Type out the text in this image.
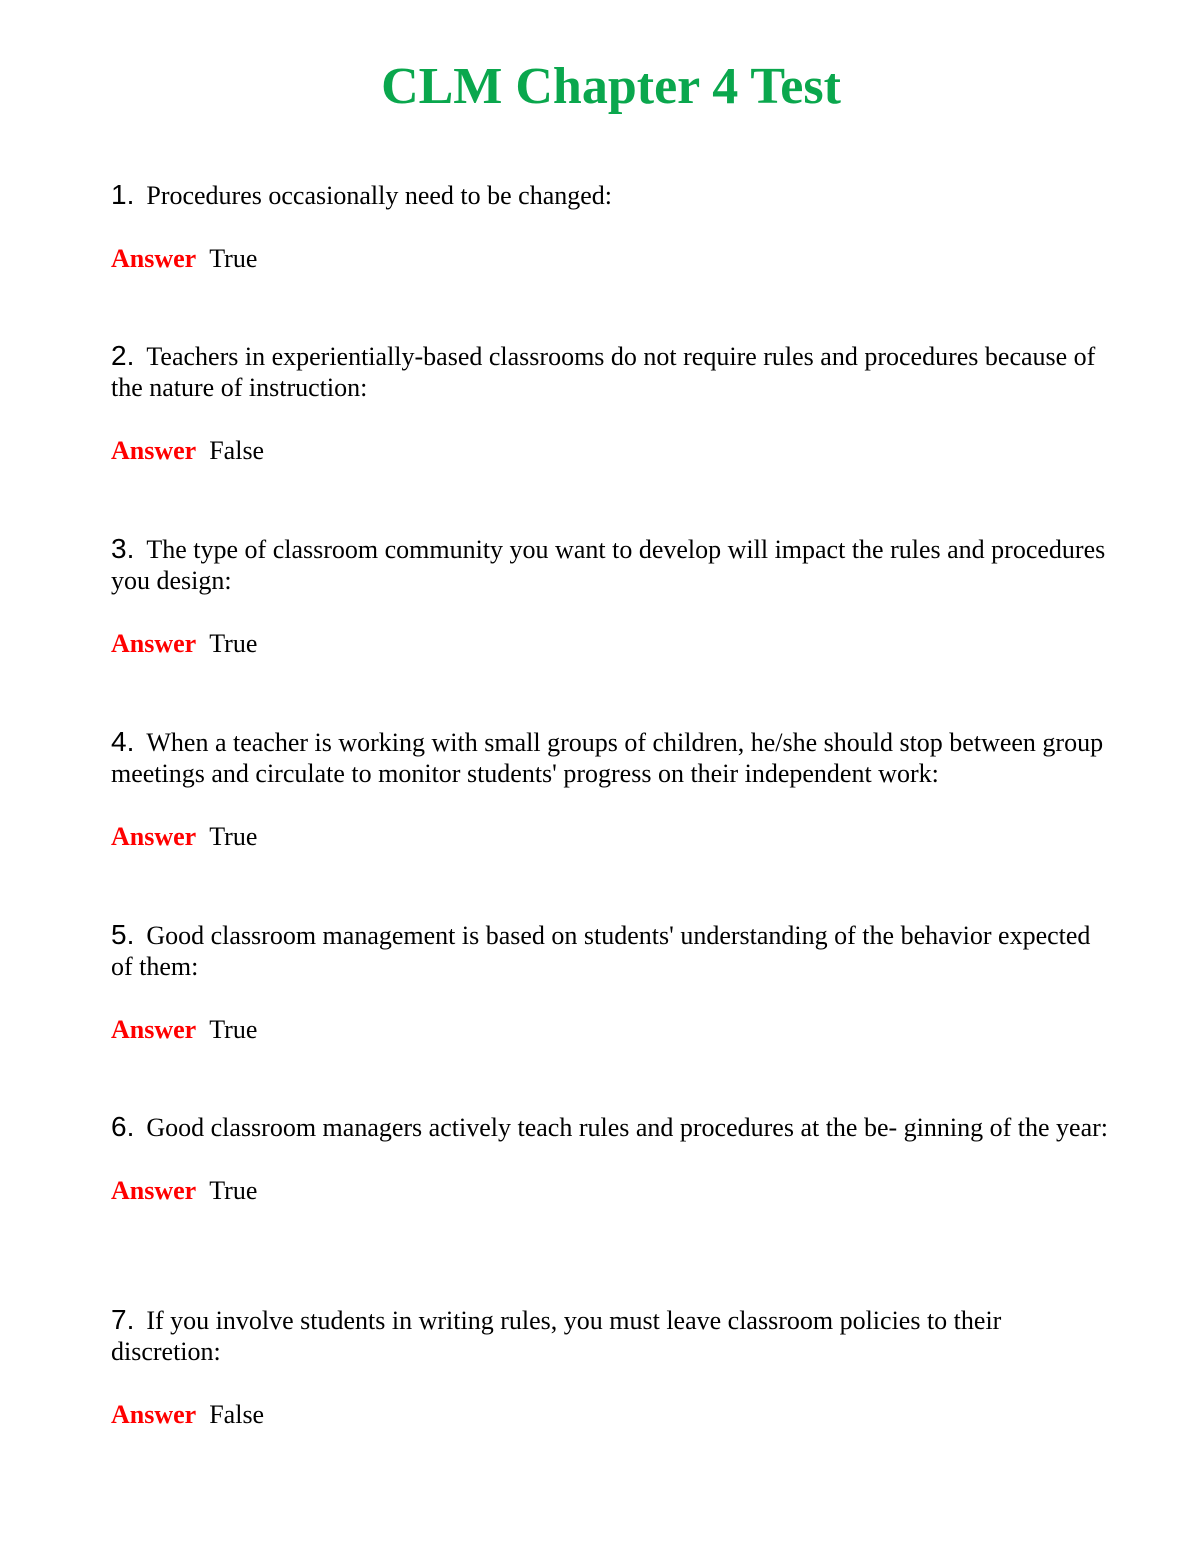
CLM Chapter 4 Test

1. Procedures occasionally need to be changed:

Answer True

2. Teachers in experientially-based classrooms do not require rules and procedures because of the nature of instruction:

Answer False

3. The type of classroom community you want to develop will impact the rules and procedures you design:

Answer True

4. When a teacher is working with small groups of children, he/she should stop between group meetings and circulate to monitor students' progress on their independent work:

Answer True

5. Good classroom management is based on students' understanding of the behavior expected of them:

Answer True

6. Good classroom managers actively teach rules and procedures at the be- ginning of the year:

Answer True

7. If you involve students in writing rules, you must leave classroom policies to their discretion:

Answer False
